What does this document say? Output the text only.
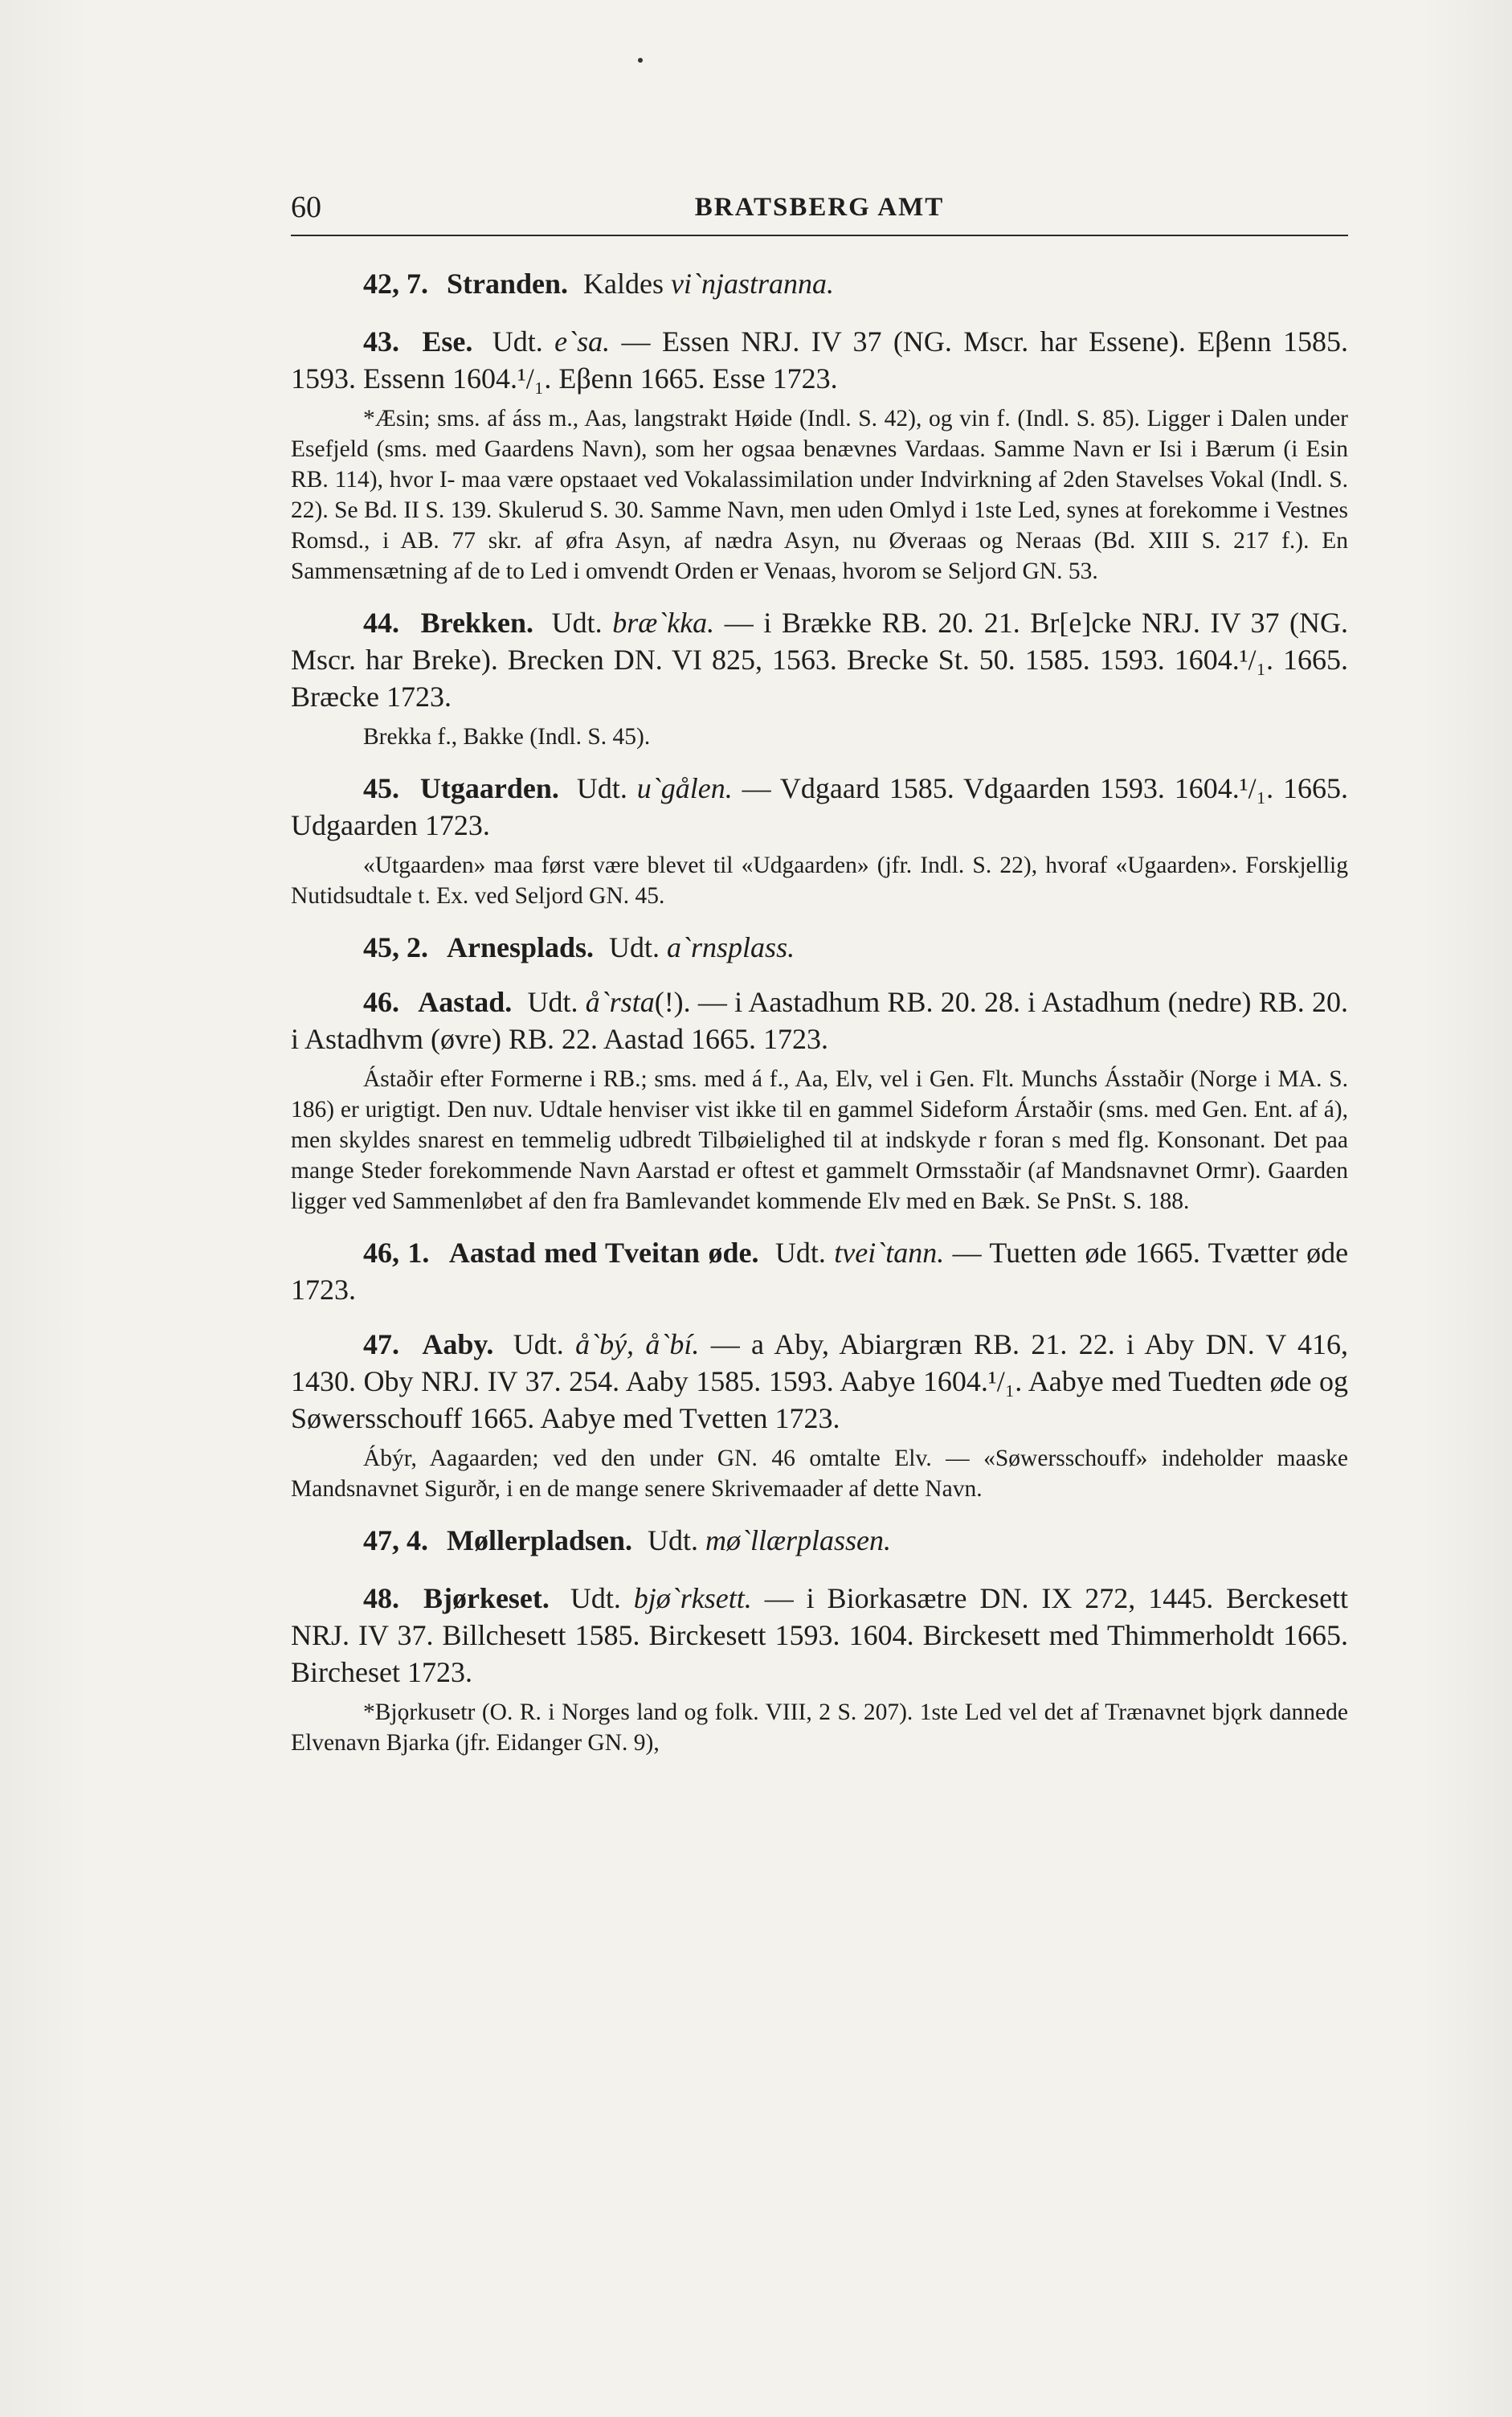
60	BRATSBERG AMT

42, 7. Stranden. Kaldes vi`njastranna.

43. Ese. Udt. e`sa. — Essen NRJ. IV 37 (NG. Mscr. har Essene). Eβenn 1585. 1593. Essenn 1604.¹/₁. Eβenn 1665. Esse 1723.

*Æsin; sms. af áss m., Aas, langstrakt Høide (Indl. S. 42), og vin f. (Indl. S. 85). Ligger i Dalen under Esefjeld (sms. med Gaardens Navn), som her ogsaa benævnes Vardaas. Samme Navn er Isi i Bærum (i Esin RB. 114), hvor I- maa være opstaaet ved Vokalassimilation under Indvirkning af 2den Stavelses Vokal (Indl. S. 22). Se Bd. II S. 139. Skulerud S. 30. Samme Navn, men uden Omlyd i 1ste Led, synes at forekomme i Vestnes Romsd., i AB. 77 skr. af øfra Asyn, af nædra Asyn, nu Øveraas og Neraas (Bd. XIII S. 217 f.). En Sammensætning af de to Led i omvendt Orden er Venaas, hvorom se Seljord GN. 53.

44. Brekken. Udt. bræ`kka. — i Brække RB. 20. 21. Br[e]cke NRJ. IV 37 (NG. Mscr. har Breke). Brecken DN. VI 825, 1563. Brecke St. 50. 1585. 1593. 1604.¹/₁. 1665. Bræcke 1723.

Brekka f., Bakke (Indl. S. 45).

45. Utgaarden. Udt. u`gålen. — Vdgaard 1585. Vdgaarden 1593. 1604.¹/₁. 1665. Udgaarden 1723.

«Utgaarden» maa først være blevet til «Udgaarden» (jfr. Indl. S. 22), hvoraf «Ugaarden». Forskjellig Nutidsudtale t. Ex. ved Seljord GN. 45.

45, 2. Arnesplads. Udt. a`rnsplass.

46. Aastad. Udt. å`rsta(!). — i Aastadhum RB. 20. 28. i Astadhum (nedre) RB. 20. i Astadhvm (øvre) RB. 22. Aastad 1665. 1723.

Ástaðir efter Formerne i RB.; sms. med á f., Aa, Elv, vel i Gen. Flt. Munchs Ásstaðir (Norge i MA. S. 186) er urigtigt. Den nuv. Udtale henviser vist ikke til en gammel Sideform Árstaðir (sms. med Gen. Ent. af á), men skyldes snarest en temmelig udbredt Tilbøielighed til at indskyde r foran s med flg. Konsonant. Det paa mange Steder forekommende Navn Aarstad er oftest et gammelt Ormsstaðir (af Mandsnavnet Ormr). Gaarden ligger ved Sammenløbet af den fra Bamlevandet kommende Elv med en Bæk. Se PnSt. S. 188.

46, 1. Aastad med Tveitan øde. Udt. tvei`tann. — Tuetten øde 1665. Tvætter øde 1723.

47. Aaby. Udt. å`bý, å`bí. — a Aby, Abiargræn RB. 21. 22. i Aby DN. V 416, 1430. Oby NRJ. IV 37. 254. Aaby 1585. 1593. Aabye 1604.¹/₁. Aabye med Tuedten øde og Søwersschouff 1665. Aabye med Tvetten 1723.

Ábýr, Aagaarden; ved den under GN. 46 omtalte Elv. — «Søwersschouff» indeholder maaske Mandsnavnet Sigurðr, i en de mange senere Skrivemaader af dette Navn.

47, 4. Møllerpladsen. Udt. mø`llærplassen.

48. Bjørkeset. Udt. bjø`rksett. — i Biorkasætre DN. IX 272, 1445. Berckesett NRJ. IV 37. Billchesett 1585. Birckesett 1593. 1604. Birckesett med Thimmerholdt 1665. Bircheset 1723.

*Bjǫrkusetr (O. R. i Norges land og folk. VIII, 2 S. 207). 1ste Led vel det af Trænavnet bjǫrk dannede Elvenavn Bjarka (jfr. Eidanger GN. 9),
